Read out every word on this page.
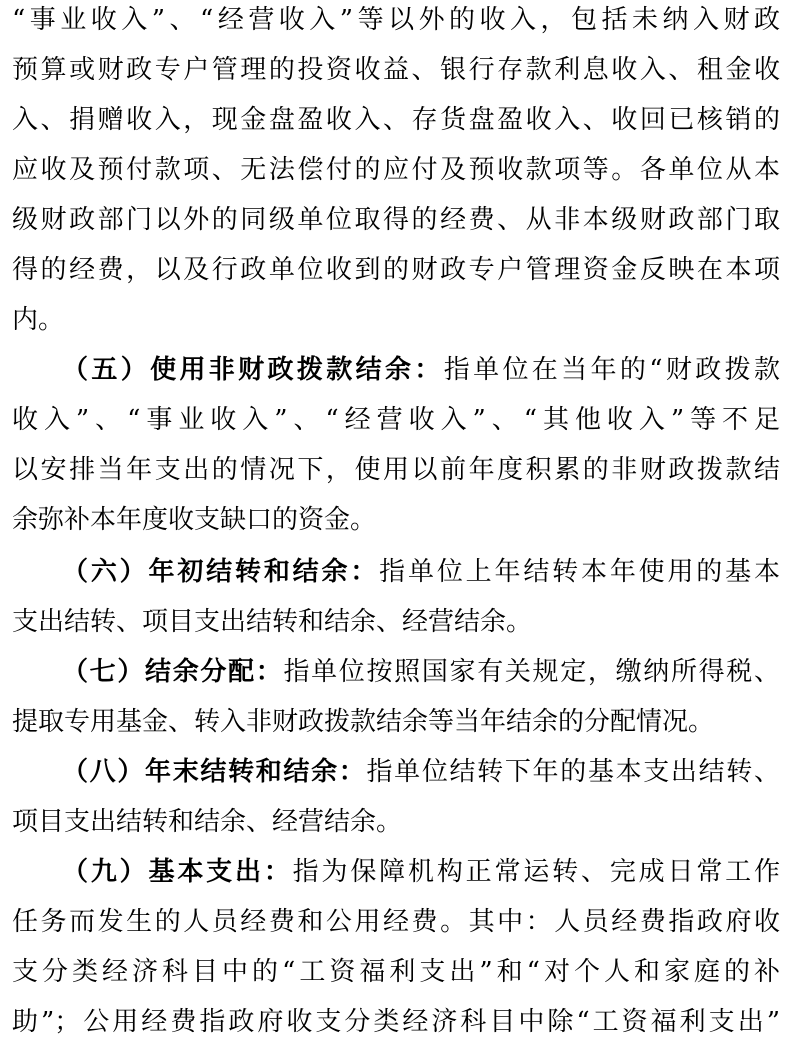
“事业收入”、“经营收入”等以外的收入，包括未纳入财政
预算或财政专户管理的投资收益、银行存款利息收入、租金收
入、捐赠收入，现金盘盈收入、存货盘盈收入、收回已核销的
应收及预付款项、无法偿付的应付及预收款项等。各单位从本
级财政部门以外的同级单位取得的经费、从非本级财政部门取
得的经费，以及行政单位收到的财政专户管理资金反映在本项
内。
（五）使用非财政拨款结余：指单位在当年的“财政拨款
收入”、“事业收入”、“经营收入”、“其他收入”等不足
以安排当年支出的情况下，使用以前年度积累的非财政拨款结
余弥补本年度收支缺口的资金。
（六）年初结转和结余：指单位上年结转本年使用的基本
支出结转、项目支出结转和结余、经营结余。
（七）结余分配：指单位按照国家有关规定，缴纳所得税、
提取专用基金、转入非财政拨款结余等当年结余的分配情况。
（八）年末结转和结余：指单位结转下年的基本支出结转、
项目支出结转和结余、经营结余。
（九）基本支出：指为保障机构正常运转、完成日常工作
任务而发生的人员经费和公用经费。其中：人员经费指政府收
支分类经济科目中的“工资福利支出”和“对个人和家庭的补
助”；公用经费指政府收支分类经济科目中除“工资福利支出”
